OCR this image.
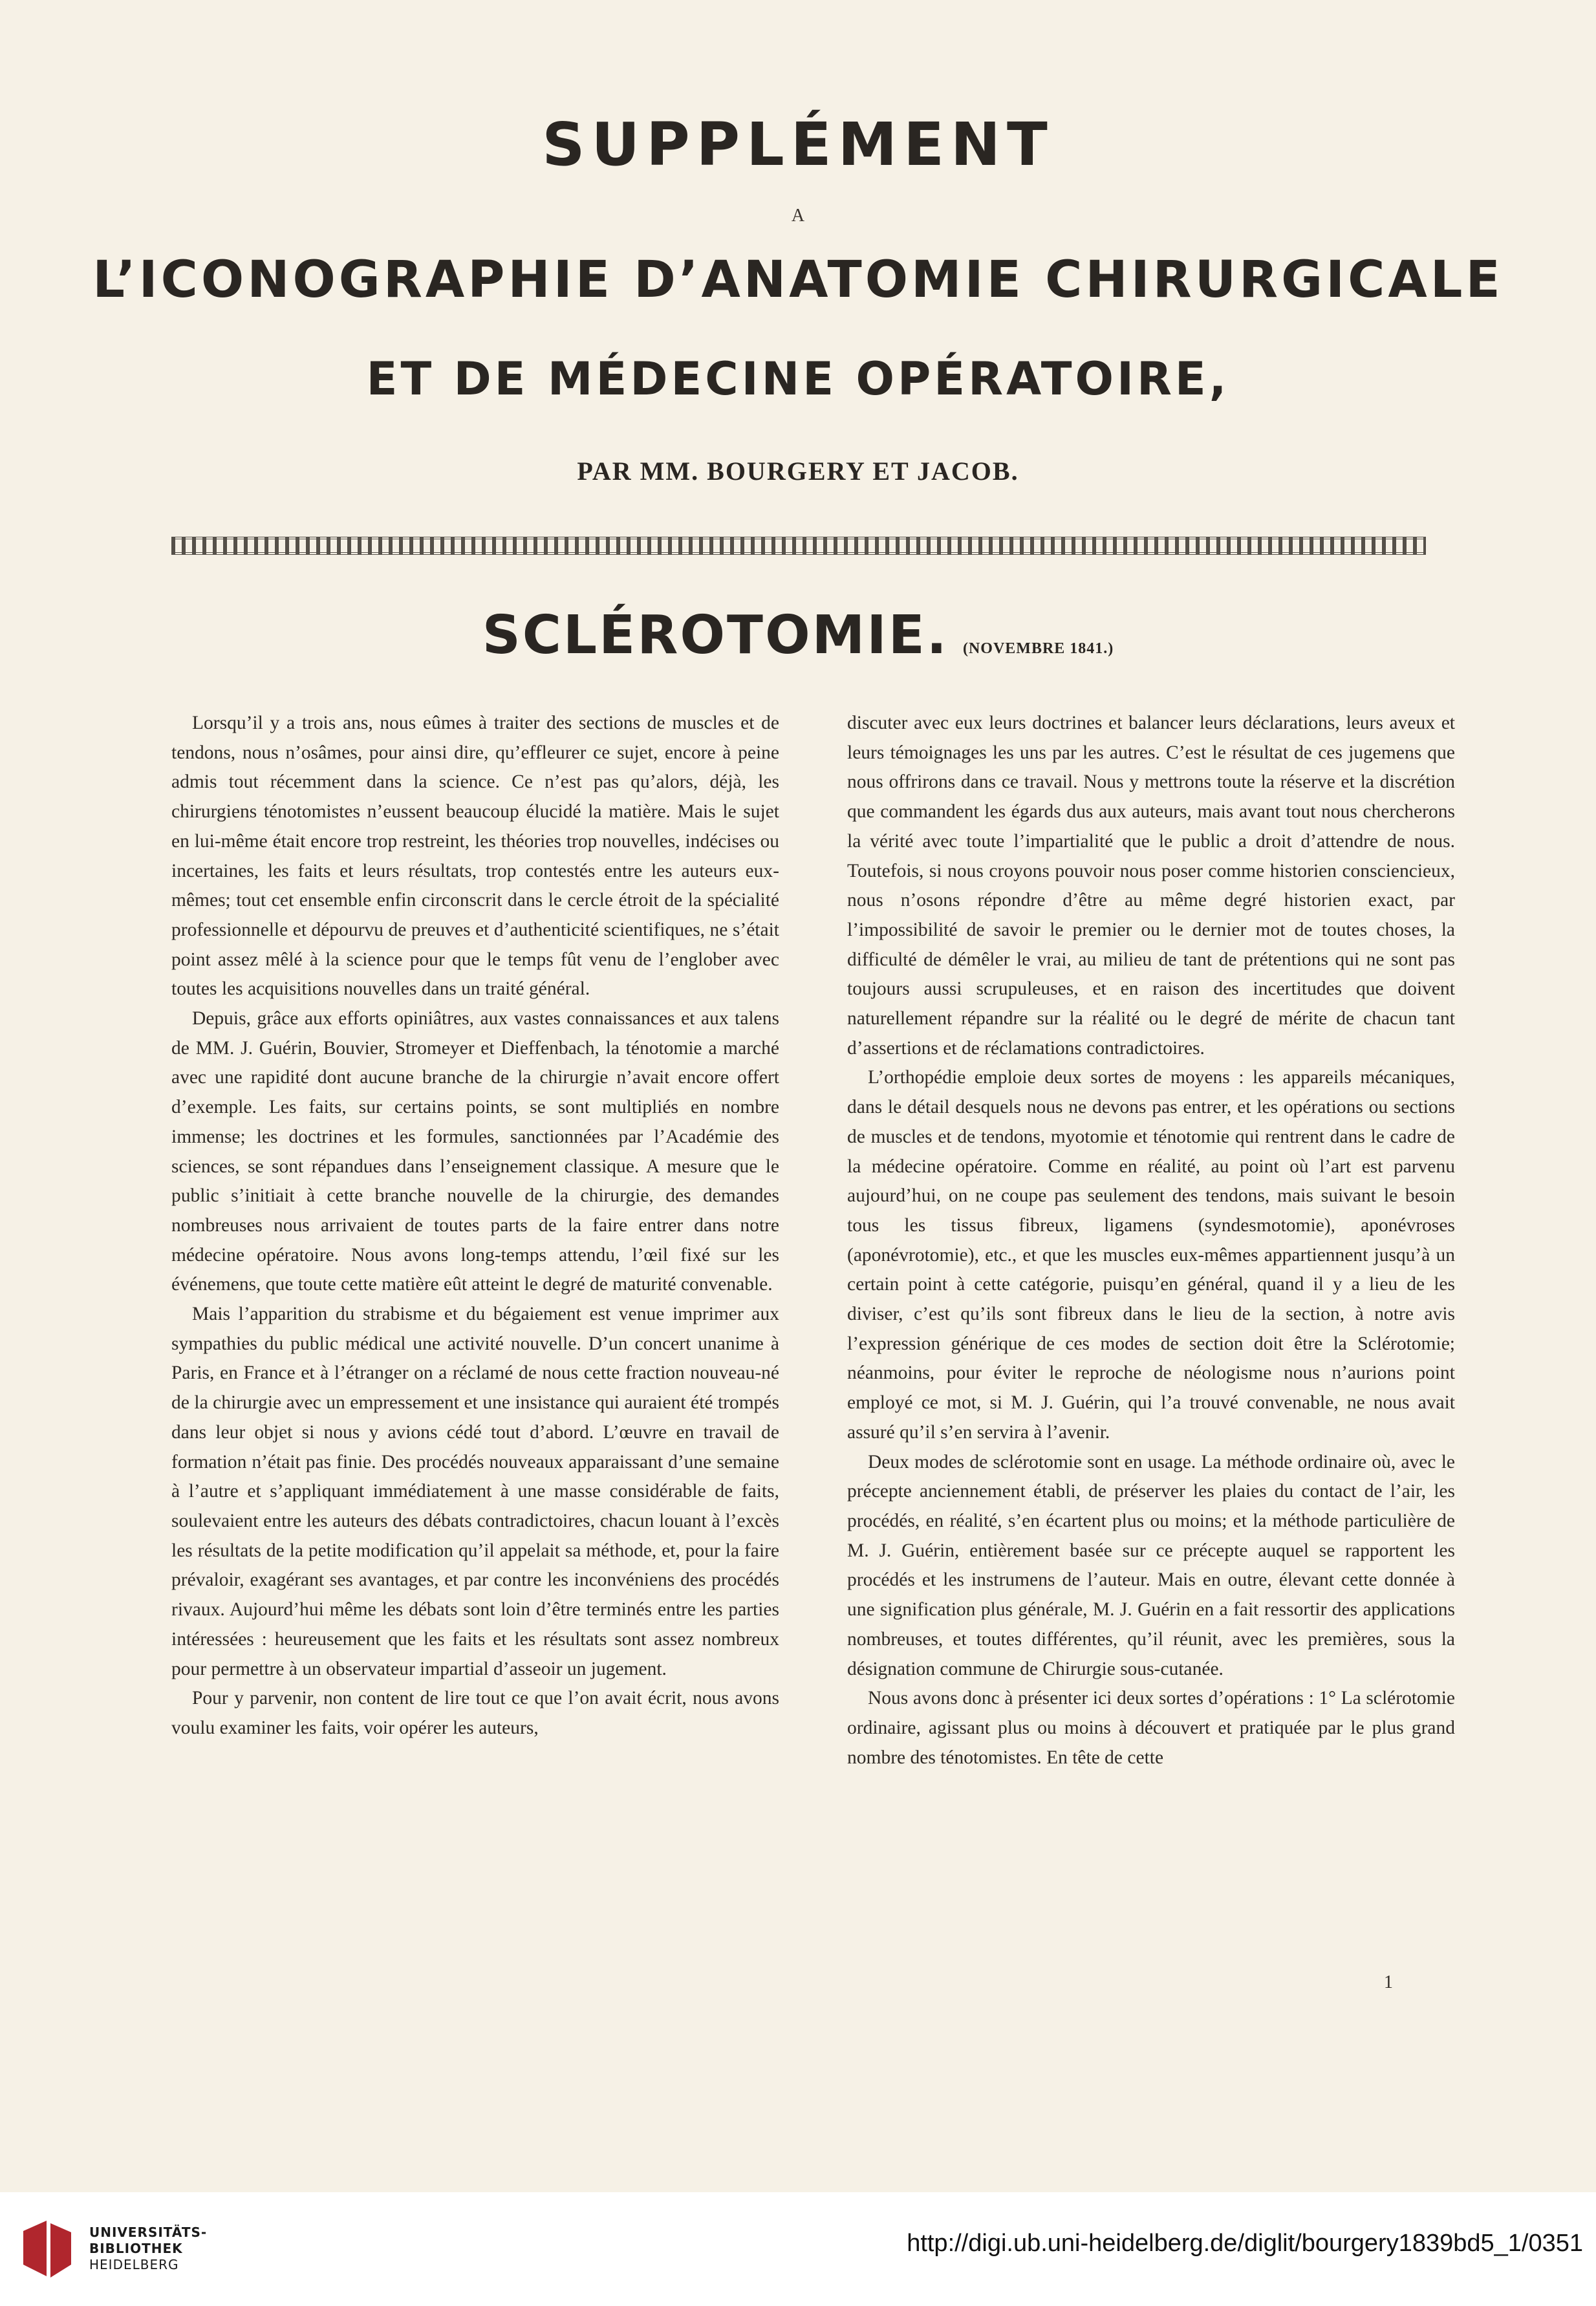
SUPPLÉMENT
A
L’ICONOGRAPHIE D’ANATOMIE CHIRURGICALE
ET DE MÉDECINE OPÉRATOIRE,
PAR MM. BOURGERY ET JACOB.
SCLÉROTOMIE. (NOVEMBRE 1841.)

Lorsqu’il y a trois ans, nous eûmes à traiter des sections de muscles et de tendons, nous n’osâmes, pour ainsi dire, qu’effleurer ce sujet, encore à peine admis tout récemment dans la science. Ce n’est pas qu’alors, déjà, les chirurgiens ténotomistes n’eussent beaucoup élucidé la matière. Mais le sujet en lui-même était encore trop restreint, les théories trop nouvelles, indécises ou incertaines, les faits et leurs résultats, trop contestés entre les auteurs eux-mêmes; tout cet ensemble enfin circonscrit dans le cercle étroit de la spécialité professionnelle et dépourvu de preuves et d’authenticité scientifiques, ne s’était point assez mêlé à la science pour que le temps fût venu de l’englober avec toutes les acquisitions nouvelles dans un traité général.

Depuis, grâce aux efforts opiniâtres, aux vastes connaissances et aux talens de MM. J. Guérin, Bouvier, Stromeyer et Dieffenbach, la ténotomie a marché avec une rapidité dont aucune branche de la chirurgie n’avait encore offert d’exemple. Les faits, sur certains points, se sont multipliés en nombre immense; les doctrines et les formules, sanctionnées par l’Académie des sciences, se sont répandues dans l’enseignement classique. A mesure que le public s’initiait à cette branche nouvelle de la chirurgie, des demandes nombreuses nous arrivaient de toutes parts de la faire entrer dans notre médecine opératoire. Nous avons long-temps attendu, l’œil fixé sur les événemens, que toute cette matière eût atteint le degré de maturité convenable.

Mais l’apparition du strabisme et du bégaiement est venue imprimer aux sympathies du public médical une activité nouvelle. D’un concert unanime à Paris, en France et à l’étranger on a réclamé de nous cette fraction nouveau-né de la chirurgie avec un empressement et une insistance qui auraient été trompés dans leur objet si nous y avions cédé tout d’abord. L’œuvre en travail de formation n’était pas finie. Des procédés nouveaux apparaissant d’une semaine à l’autre et s’appliquant immédiatement à une masse considérable de faits, soulevaient entre les auteurs des débats contradictoires, chacun louant à l’excès les résultats de la petite modification qu’il appelait sa méthode, et, pour la faire prévaloir, exagérant ses avantages, et par contre les inconvéniens des procédés rivaux. Aujourd’hui même les débats sont loin d’être terminés entre les parties intéressées : heureusement que les faits et les résultats sont assez nombreux pour permettre à un observateur impartial d’asseoir un jugement.

Pour y parvenir, non content de lire tout ce que l’on avait écrit, nous avons voulu examiner les faits, voir opérer les auteurs,

discuter avec eux leurs doctrines et balancer leurs déclarations, leurs aveux et leurs témoignages les uns par les autres. C’est le résultat de ces jugemens que nous offrirons dans ce travail. Nous y mettrons toute la réserve et la discrétion que commandent les égards dus aux auteurs, mais avant tout nous chercherons la vérité avec toute l’impartialité que le public a droit d’attendre de nous. Toutefois, si nous croyons pouvoir nous poser comme historien consciencieux, nous n’osons répondre d’être au même degré historien exact, par l’impossibilité de savoir le premier ou le dernier mot de toutes choses, la difficulté de démêler le vrai, au milieu de tant de prétentions qui ne sont pas toujours aussi scrupuleuses, et en raison des incertitudes que doivent naturellement répandre sur la réalité ou le degré de mérite de chacun tant d’assertions et de réclamations contradictoires.

L’orthopédie emploie deux sortes de moyens : les appareils mécaniques, dans le détail desquels nous ne devons pas entrer, et les opérations ou sections de muscles et de tendons, myotomie et ténotomie qui rentrent dans le cadre de la médecine opératoire. Comme en réalité, au point où l’art est parvenu aujourd’hui, on ne coupe pas seulement des tendons, mais suivant le besoin tous les tissus fibreux, ligamens (syndesmotomie), aponévroses (aponévrotomie), etc., et que les muscles eux-mêmes appartiennent jusqu’à un certain point à cette catégorie, puisqu’en général, quand il y a lieu de les diviser, c’est qu’ils sont fibreux dans le lieu de la section, à notre avis l’expression générique de ces modes de section doit être la Sclérotomie; néanmoins, pour éviter le reproche de néologisme nous n’aurions point employé ce mot, si M. J. Guérin, qui l’a trouvé convenable, ne nous avait assuré qu’il s’en servira à l’avenir.

Deux modes de sclérotomie sont en usage. La méthode ordinaire où, avec le précepte anciennement établi, de préserver les plaies du contact de l’air, les procédés, en réalité, s’en écartent plus ou moins; et la méthode particulière de M. J. Guérin, entièrement basée sur ce précepte auquel se rapportent les procédés et les instrumens de l’auteur. Mais en outre, élevant cette donnée à une signification plus générale, M. J. Guérin en a fait ressortir des applications nombreuses, et toutes différentes, qu’il réunit, avec les premières, sous la désignation commune de Chirurgie sous-cutanée.

Nous avons donc à présenter ici deux sortes d’opérations : 1° La sclérotomie ordinaire, agissant plus ou moins à découvert et pratiquée par le plus grand nombre des ténotomistes. En tête de cette

1
UNIVERSITÄTS-
BIBLIOTHEK
HEIDELBERG
http://digi.ub.uni-heidelberg.de/diglit/bourgery1839bd5_1/0351
